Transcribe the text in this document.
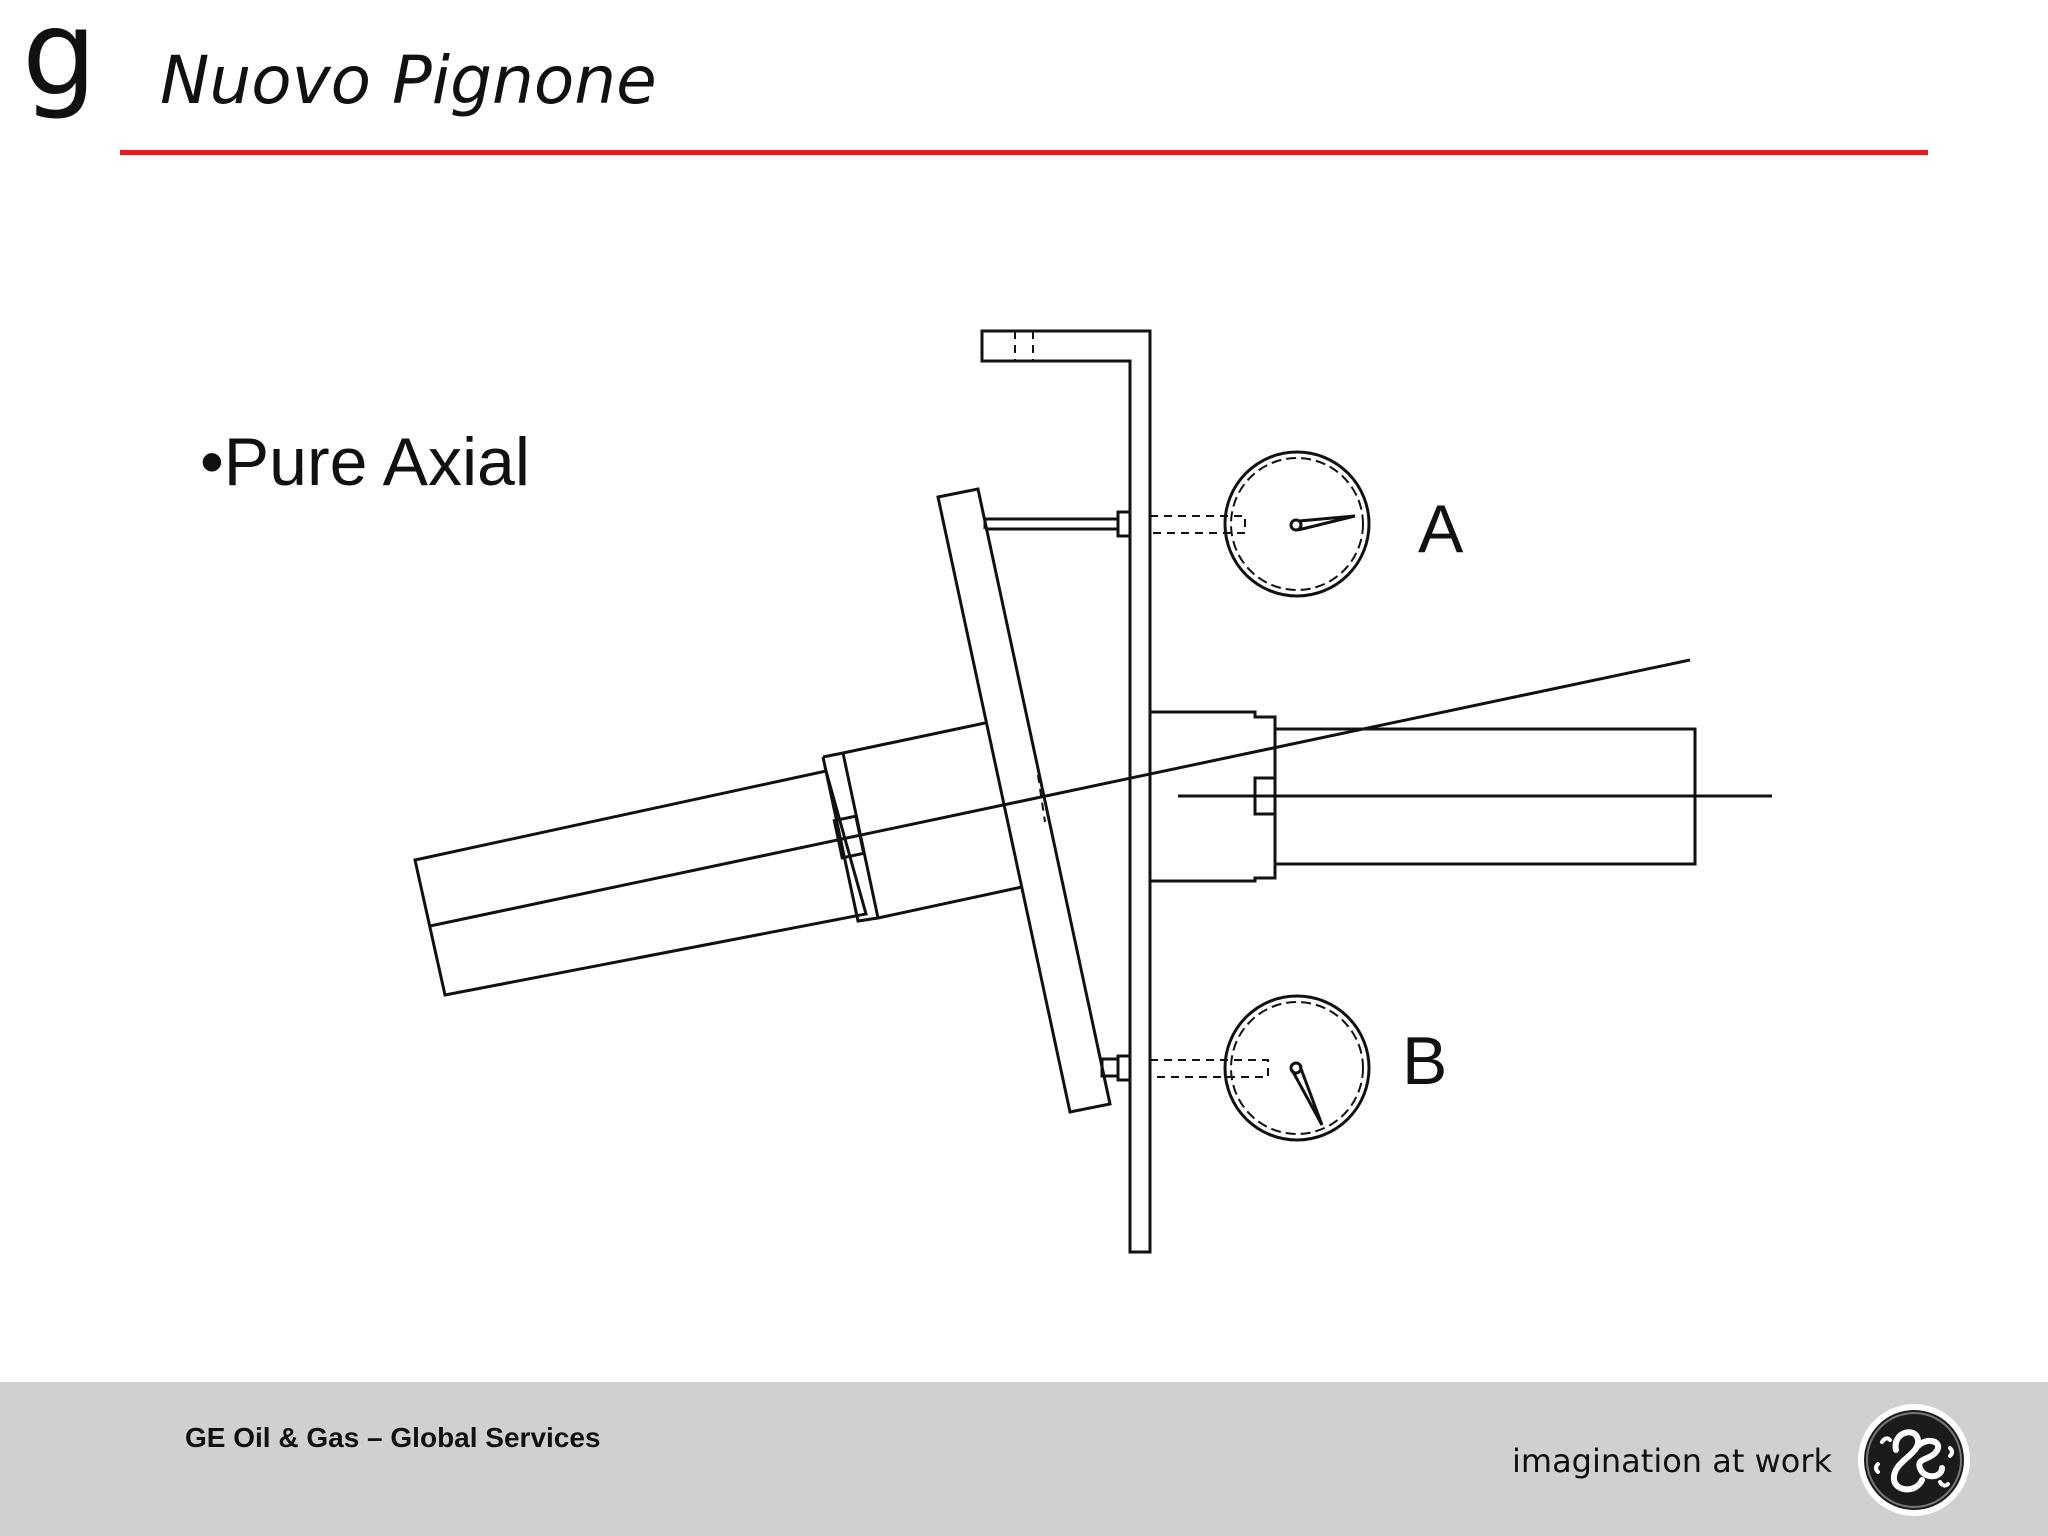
g Nuovo Pignone
•Pure Axial
A
B
GE Oil & Gas – Global Services
imagination at work
